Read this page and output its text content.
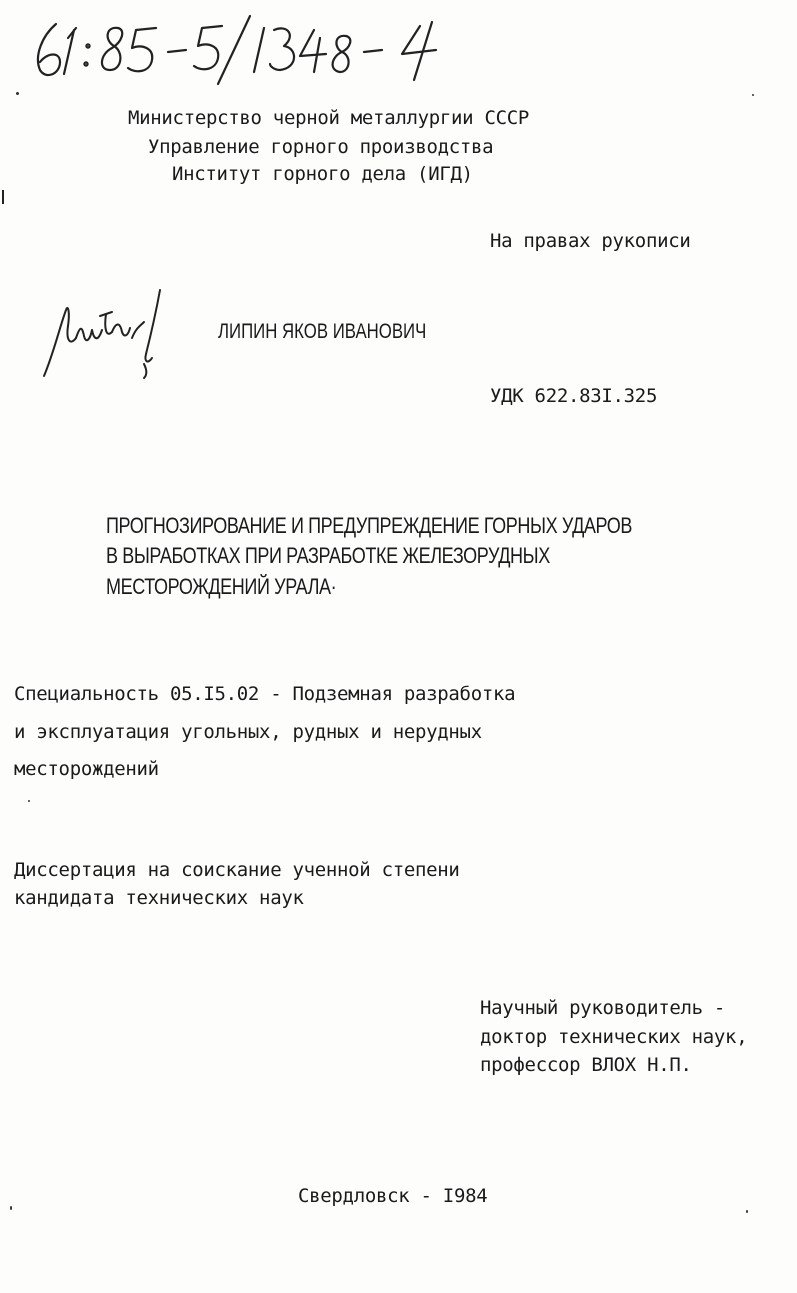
Министерство черной металлургии СССР
Управление горного производства
Институт горного дела (ИГД)
На правах рукописи
ЛИПИН ЯКОВ ИВАНОВИЧ
УДК 622.83I.325
ПРОГНОЗИРОВАНИЕ И ПРЕДУПРЕЖДЕНИЕ ГОРНЫХ УДАРОВ
В ВЫРАБОТКАХ ПРИ РАЗРАБОТКЕ ЖЕЛЕЗОРУДНЫХ
МЕСТОРОЖДЕНИЙ УРАЛА·
Специальность 05.I5.02 - Подземная разработка
и эксплуатация угольных, рудных и нерудных
месторождений
Диссертация на соискание ученной степени
кандидата технических наук
Научный руководитель -
доктор технических наук,
профессор ВЛОХ Н.П.
Свердловск - I984
